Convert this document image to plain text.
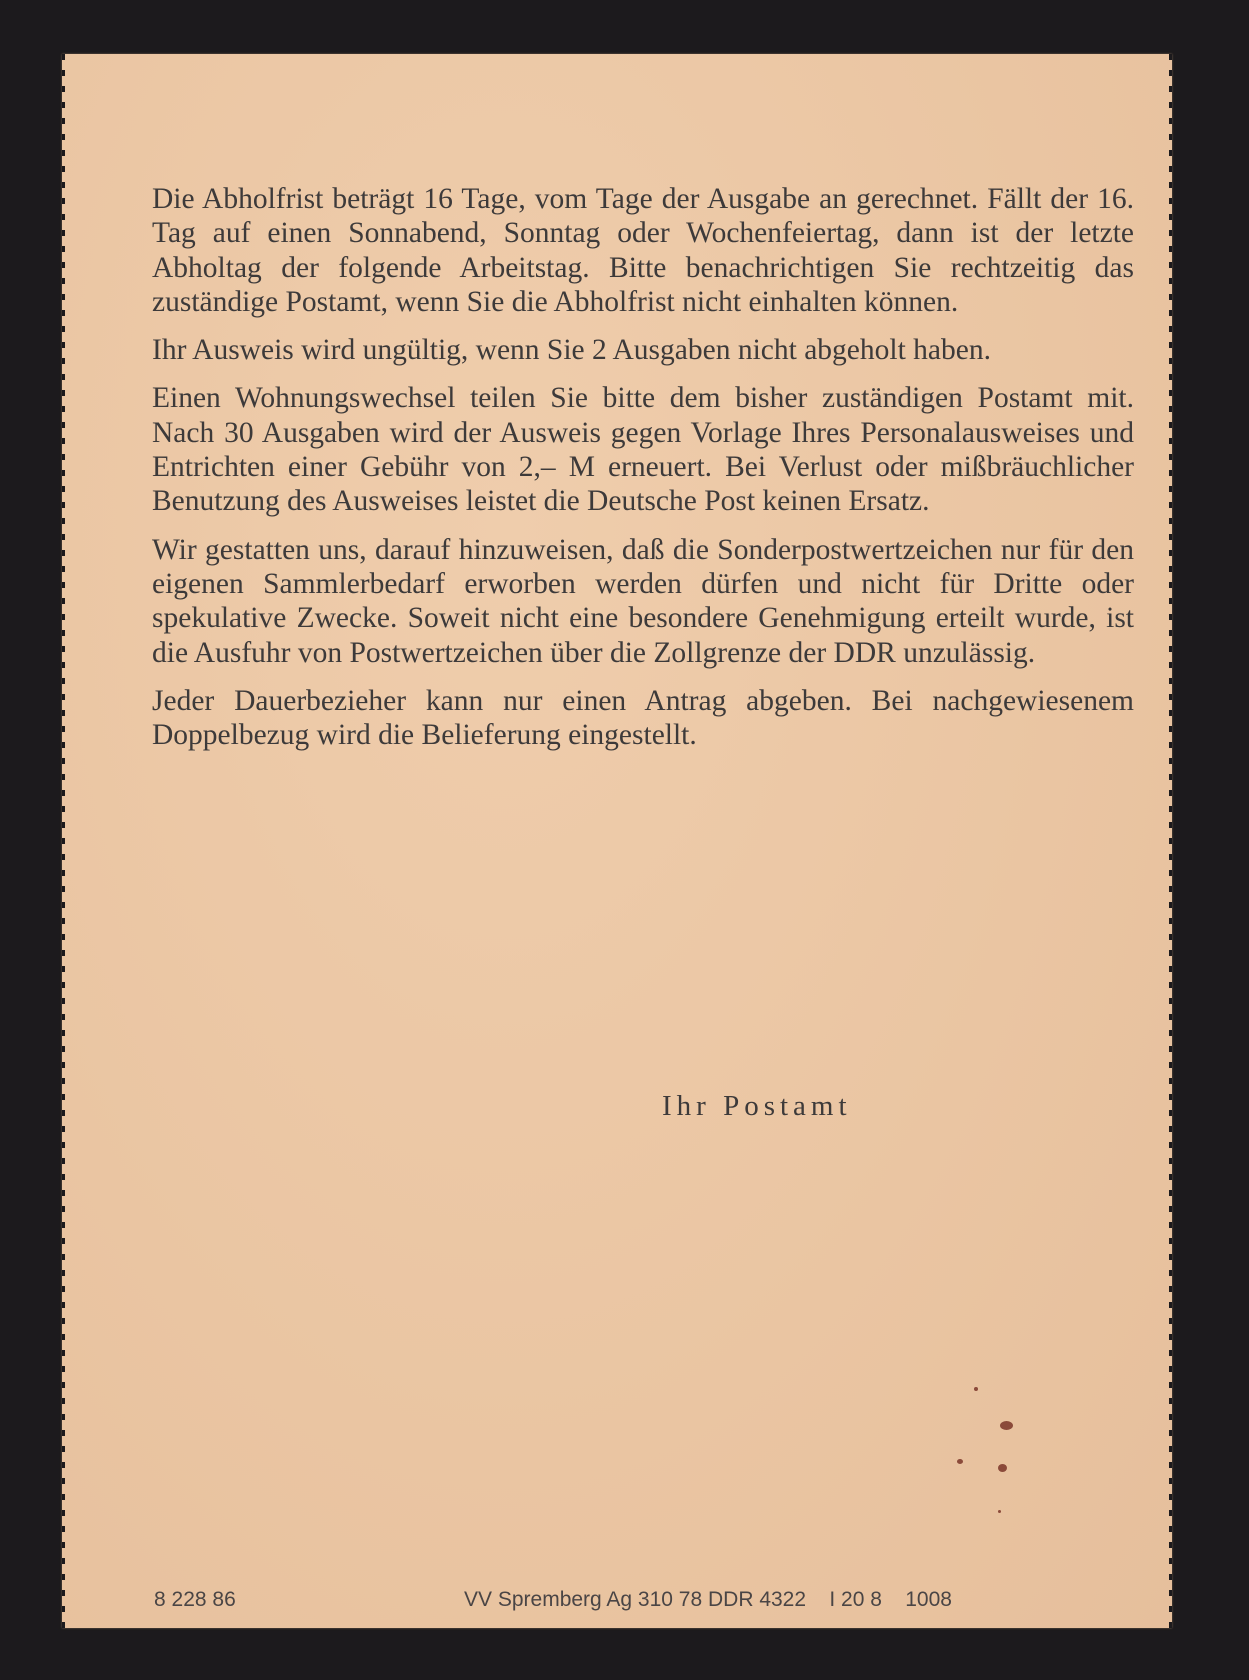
Die Abholfrist beträgt 16 Tage, vom Tage der Ausgabe an gerechnet. Fällt der 16. Tag auf einen Sonnabend, Sonntag oder Wochenfeiertag, dann ist der letzte Abholtag der folgende Arbeitstag. Bitte benachrichtigen Sie rechtzeitig das zuständige Postamt, wenn Sie die Abholfrist nicht einhalten können.

Ihr Ausweis wird ungültig, wenn Sie 2 Ausgaben nicht abgeholt haben.

Einen Wohnungswechsel teilen Sie bitte dem bisher zuständigen Postamt mit. Nach 30 Ausgaben wird der Ausweis gegen Vorlage Ihres Personalausweises und Entrichten einer Gebühr von 2,– M erneuert. Bei Verlust oder mißbräuchlicher Benutzung des Ausweises leistet die Deutsche Post keinen Ersatz.

Wir gestatten uns, darauf hinzuweisen, daß die Sonderpostwertzeichen nur für den eigenen Sammlerbedarf erworben werden dürfen und nicht für Dritte oder spekulative Zwecke. Soweit nicht eine besondere Genehmigung erteilt wurde, ist die Ausfuhr von Postwertzeichen über die Zollgrenze der DDR unzulässig.

Jeder Dauerbezieher kann nur einen Antrag abgeben. Bei nachgewiesenem Doppelbezug wird die Belieferung eingestellt.

Ihr Postamt
8 228 86	VV Spremberg Ag 310 78 DDR 4322    I 20 8    1008
